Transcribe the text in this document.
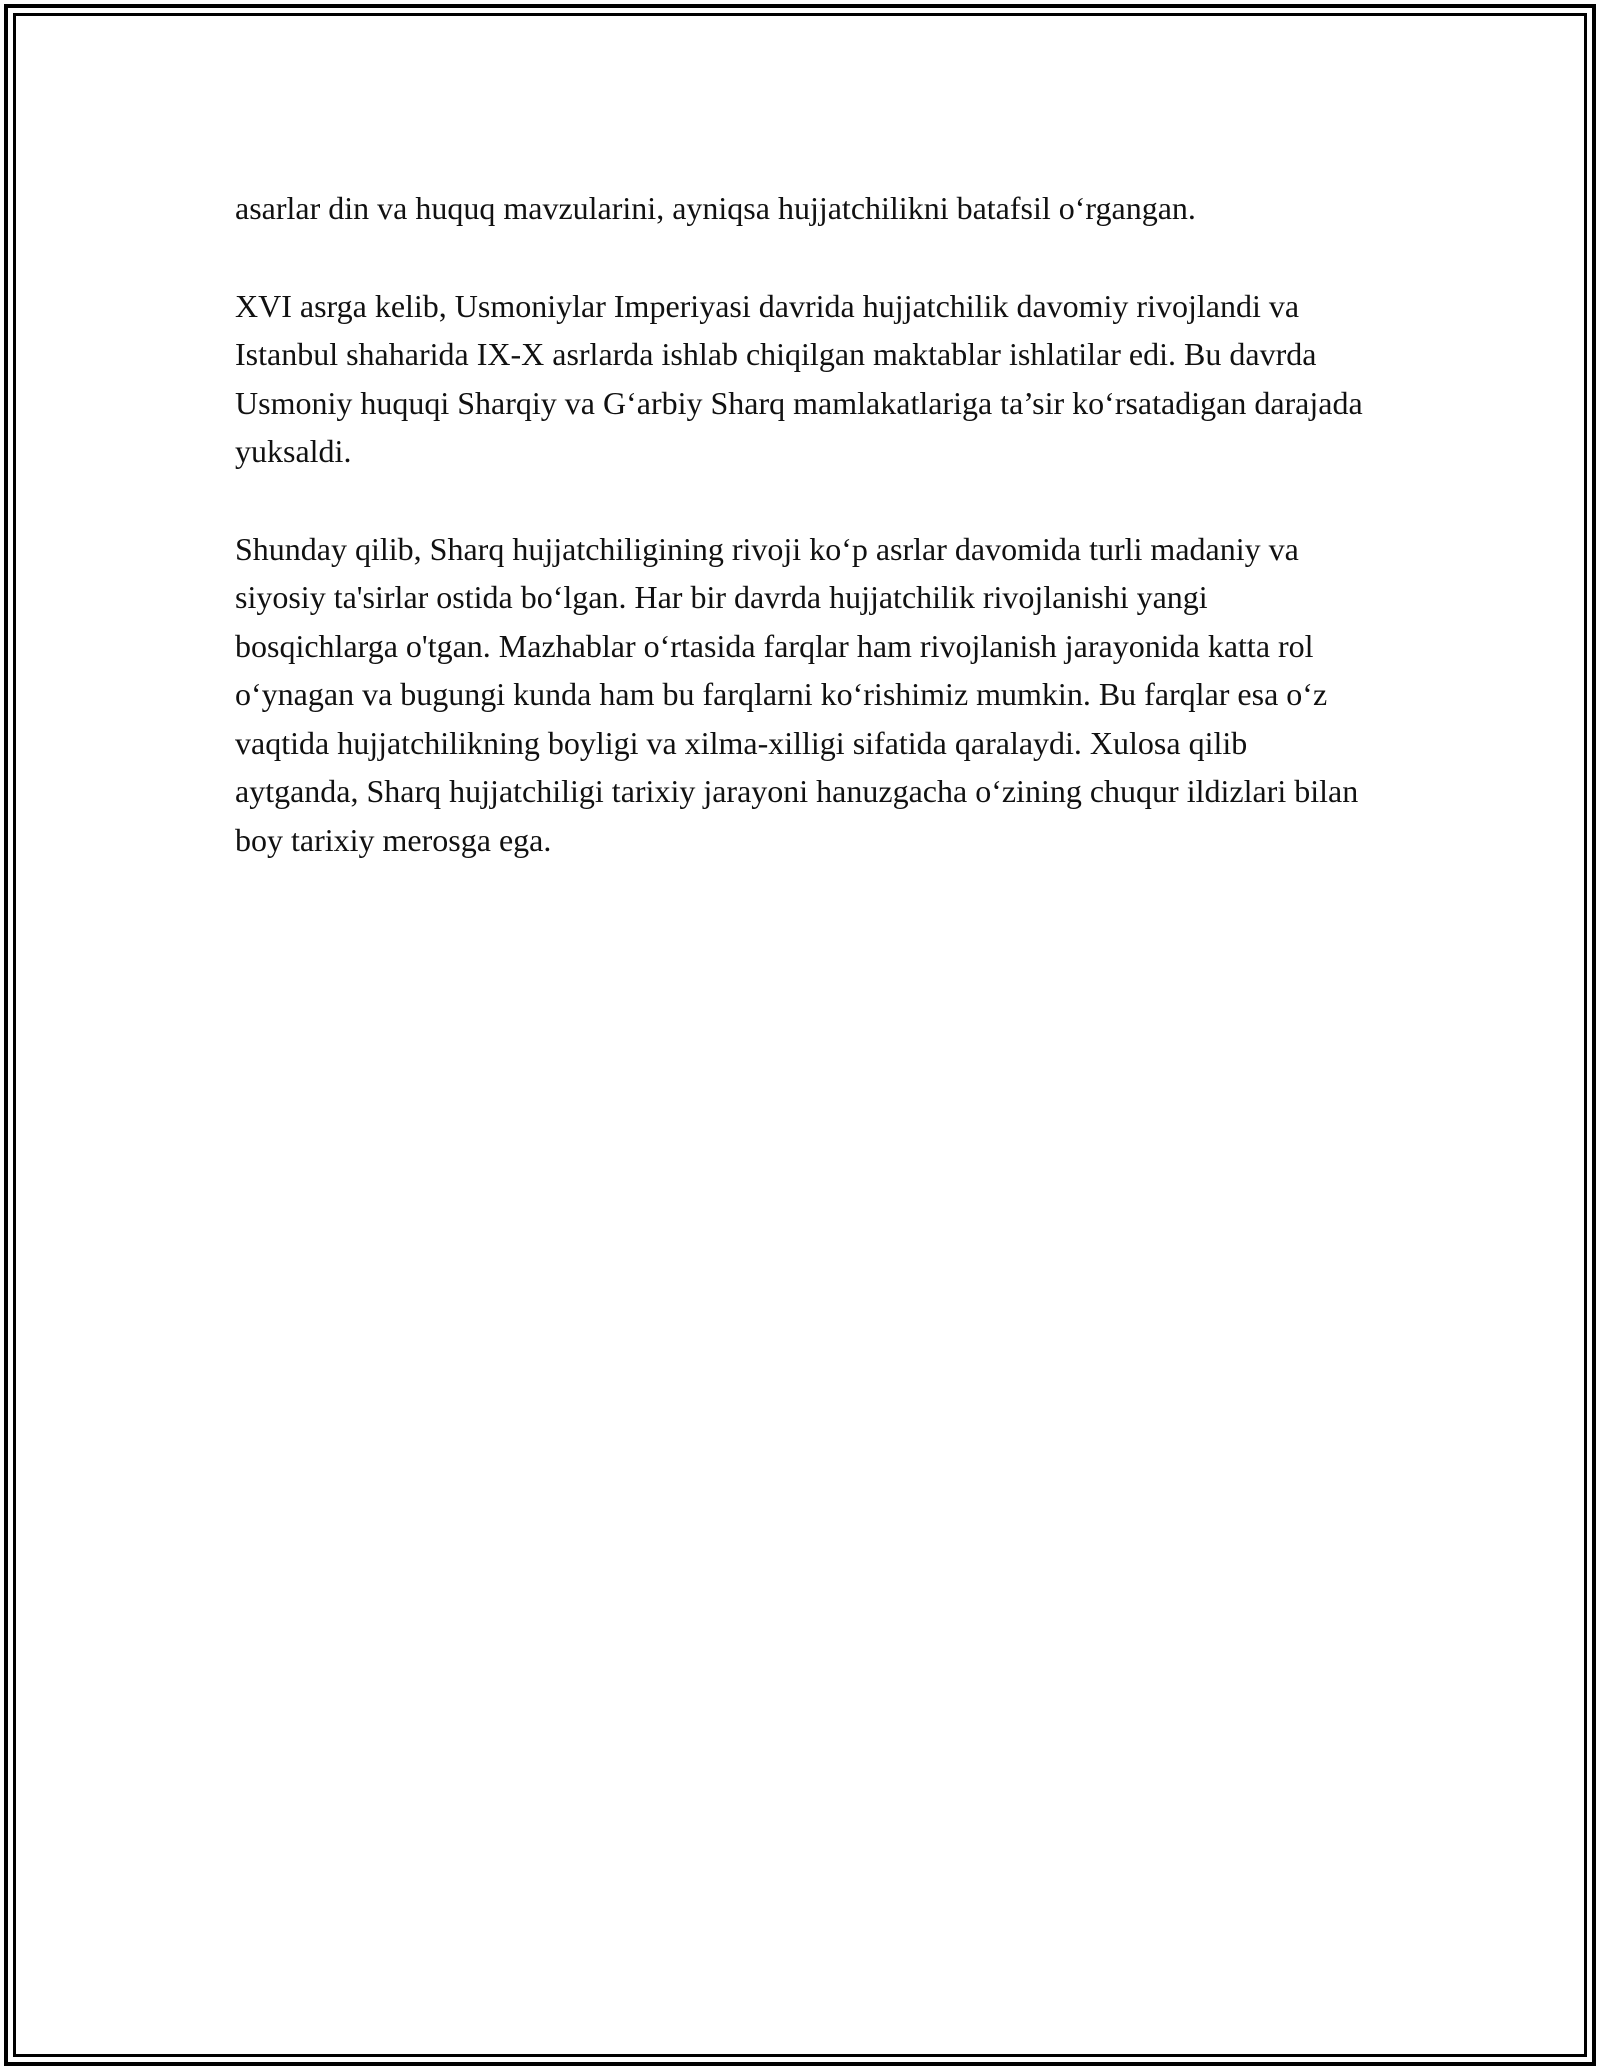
asarlar din va huquq mavzularini, ayniqsa hujjatchilikni batafsil o‘rgangan.

XVI asrga kelib, Usmoniylar Imperiyasi davrida hujjatchilik davomiy rivojlandi va Istanbul shaharida IX-X asrlarda ishlab chiqilgan maktablar ishlatilar edi. Bu davrda Usmoniy huquqi Sharqiy va G‘arbiy Sharq mamlakatlariga ta’sir ko‘rsatadigan darajada yuksaldi.

Shunday qilib, Sharq hujjatchiligining rivoji ko‘p asrlar davomida turli madaniy va siyosiy ta'sirlar ostida bo‘lgan. Har bir davrda hujjatchilik rivojlanishi yangi bosqichlarga o'tgan. Mazhablar o‘rtasida farqlar ham rivojlanish jarayonida katta rol o‘ynagan va bugungi kunda ham bu farqlarni ko‘rishimiz mumkin. Bu farqlar esa o‘z vaqtida hujjatchilikning boyligi va xilma-xilligi sifatida qaralaydi. Xulosa qilib aytganda, Sharq hujjatchiligi tarixiy jarayoni hanuzgacha o‘zining chuqur ildizlari bilan boy tarixiy merosga ega.
